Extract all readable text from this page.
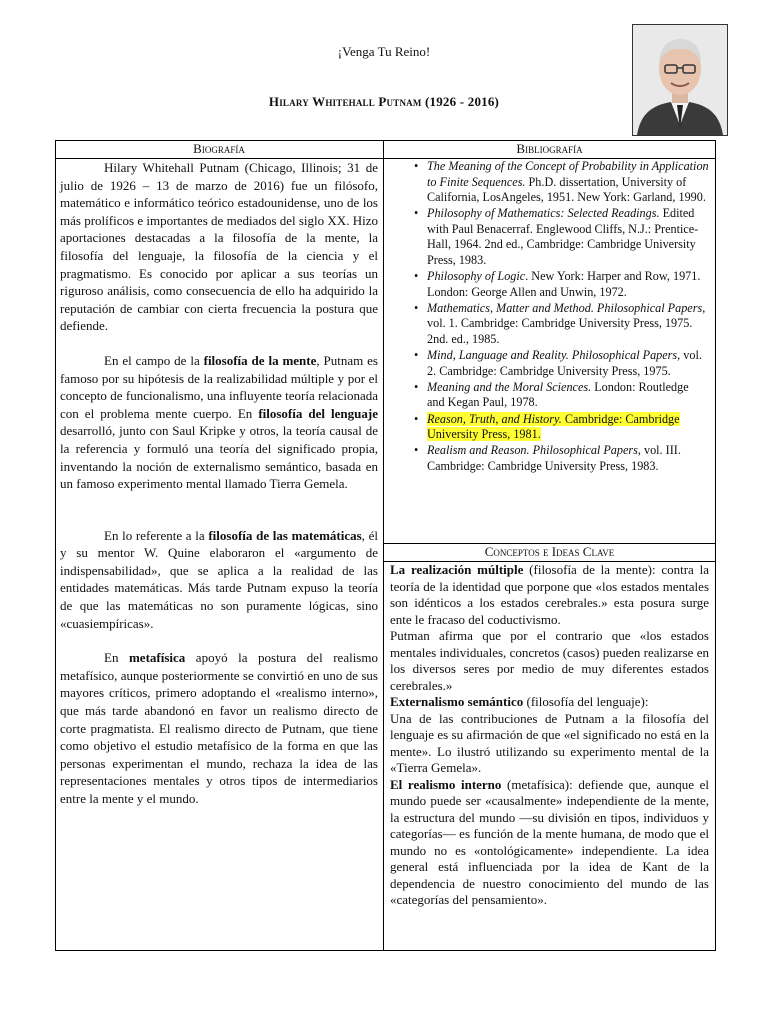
¡Venga Tu Reino!
Hilary Whitehall Putnam (1926 - 2016)
Biografía	Bibliografía
Conceptos e Ideas Clave

Hilary Whitehall Putnam (Chicago, Illinois; 31 de julio de 1926 – 13 de marzo de 2016) fue un filósofo, matemático e informático teórico estadounidense, uno de los más prolíficos e importantes de mediados del siglo XX. Hizo aportaciones destacadas a la filosofía de la mente, la filosofía del lenguaje, la filosofía de la ciencia y el pragmatismo. Es conocido por aplicar a sus teorías un riguroso análisis, como consecuencia de ello ha adquirido la reputación de cambiar con cierta frecuencia la postura que defiende.

En el campo de la filosofía de la mente, Putnam es famoso por su hipótesis de la realizabilidad múltiple y por el concepto de funcionalismo, una influyente teoría relacionada con el problema mente cuerpo. En filosofía del lenguaje desarrolló, junto con Saul Kripke y otros, la teoría causal de la referencia y formuló una teoría del significado propia, inventando la noción de externalismo semántico, basada en un famoso experimento mental llamado Tierra Gemela.

En lo referente a la filosofía de las matemáticas, él y su mentor W. Quine elaboraron el «argumento de indispensabilidad», que se aplica a la realidad de las entidades matemáticas. Más tarde Putnam expuso la teoría de que las matemáticas no son puramente lógicas, sino «cuasiempíricas».

En metafísica apoyó la postura del realismo metafísico, aunque posteriormente se convirtió en uno de sus mayores críticos, primero adoptando el «realismo interno», que más tarde abandonó en favor un realismo directo de corte pragmatista. El realismo directo de Putnam, que tiene como objetivo el estudio metafísico de la forma en que las personas experimentan el mundo, rechaza la idea de las representaciones mentales y otros tipos de intermediarios entre la mente y el mundo.

• The Meaning of the Concept of Probability in Application to Finite Sequences. Ph.D. dissertation, University of California, LosAngeles, 1951. New York: Garland, 1990.
• Philosophy of Mathematics: Selected Readings. Edited with Paul Benacerraf. Englewood Cliffs, N.J.: Prentice-Hall, 1964. 2nd ed., Cambridge: Cambridge University Press, 1983.
• Philosophy of Logic. New York: Harper and Row, 1971. London: George Allen and Unwin, 1972.
• Mathematics, Matter and Method. Philosophical Papers, vol. 1. Cambridge: Cambridge University Press, 1975. 2nd. ed., 1985.
• Mind, Language and Reality. Philosophical Papers, vol. 2. Cambridge: Cambridge University Press, 1975.
• Meaning and the Moral Sciences. London: Routledge and Kegan Paul, 1978.
• Reason, Truth, and History. Cambridge: Cambridge University Press, 1981.
• Realism and Reason. Philosophical Papers, vol. III. Cambridge: Cambridge University Press, 1983.

La realización múltiple (filosofía de la mente): contra la teoría de la identidad que porpone que «los estados mentales son idénticos a los estados cerebrales.» esta posura surge ente le fracaso del coductivismo.

Putman afirma que por el contrario que «los estados mentales individuales, concretos (casos) pueden realizarse en los diversos seres por medio de muy diferentes estados cerebrales.»

Externalismo semántico (filosofía del lenguaje):

Una de las contribuciones de Putnam a la filosofía del lenguaje es su afirmación de que «el significado no está en la mente». Lo ilustró utilizando su experimento mental de la «Tierra Gemela».

El realismo interno (metafísica): defiende que, aunque el mundo puede ser «causalmente» independiente de la mente, la estructura del mundo —su división en tipos, individuos y categorías— es función de la mente humana, de modo que el mundo no es «ontológicamente» independiente. La idea general está influenciada por la idea de Kant de la dependencia de nuestro conocimiento del mundo de las «categorías del pensamiento».
